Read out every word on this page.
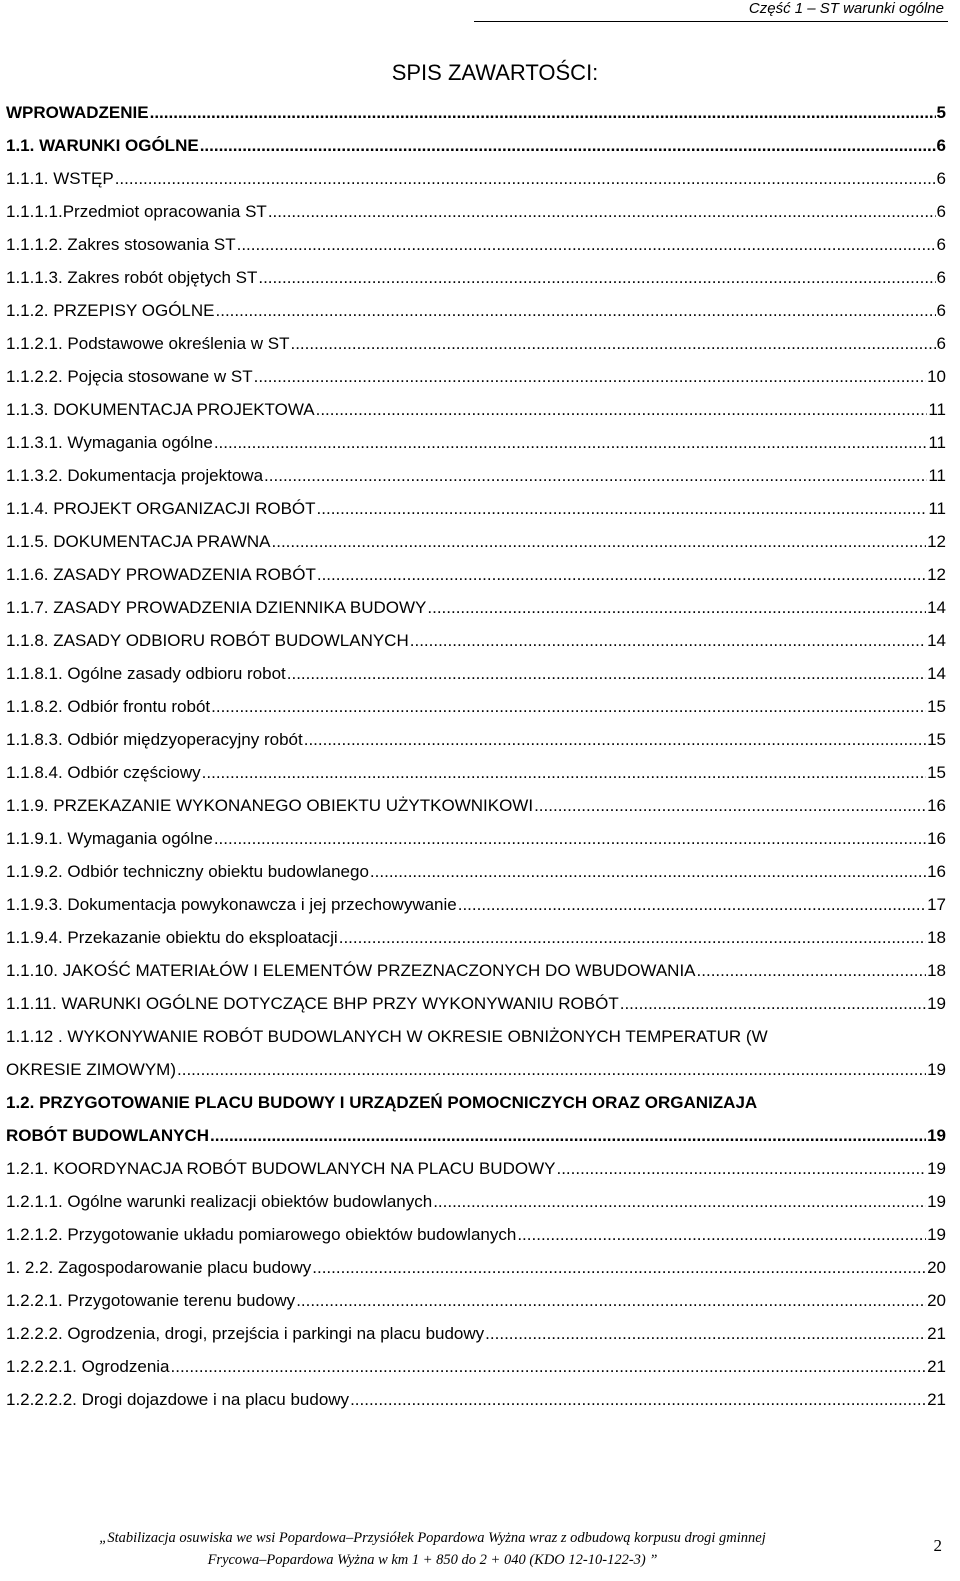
Część 1 – ST warunki ogólne
SPIS ZAWARTOŚCI:
WPROWADZENIE .....	5
1.1. WARUNKI OGÓLNE .....	6
1.1.1. WSTĘP .....	6
1.1.1.1.Przedmiot opracowania ST .....	6
1.1.1.2. Zakres stosowania ST .....	6
1.1.1.3. Zakres robót objętych ST .....	6
1.1.2. PRZEPISY OGÓLNE .....	6
1.1.2.1. Podstawowe określenia w ST .....	6
1.1.2.2. Pojęcia stosowane w ST .....	10
1.1.3. DOKUMENTACJA PROJEKTOWA .....	11
1.1.3.1. Wymagania ogólne .....	11
1.1.3.2. Dokumentacja projektowa .....	11
1.1.4. PROJEKT ORGANIZACJI ROBÓT .....	11
1.1.5. DOKUMENTACJA PRAWNA .....	12
1.1.6. ZASADY PROWADZENIA ROBÓT .....	12
1.1.7. ZASADY PROWADZENIA DZIENNIKA BUDOWY .....	14
1.1.8. ZASADY ODBIORU ROBÓT BUDOWLANYCH .....	14
1.1.8.1. Ogólne zasady odbioru robot .....	14
1.1.8.2. Odbiór frontu robót .....	15
1.1.8.3. Odbiór międzyoperacyjny robót .....	15
1.1.8.4. Odbiór częściowy .....	15
1.1.9. PRZEKAZANIE WYKONANEGO OBIEKTU UŻYTKOWNIKOWI .....	16
1.1.9.1. Wymagania ogólne .....	16
1.1.9.2. Odbiór techniczny obiektu budowlanego .....	16
1.1.9.3. Dokumentacja powykonawcza i jej przechowywanie .....	17
1.1.9.4. Przekazanie obiektu do eksploatacji .....	18
1.1.10. JAKOŚĆ MATERIAŁÓW I ELEMENTÓW PRZEZNACZONYCH DO WBUDOWANIA .....	18
1.1.11. WARUNKI OGÓLNE DOTYCZĄCE BHP PRZY WYKONYWANIU ROBÓT .....	19
1.1.12 . WYKONYWANIE ROBÓT BUDOWLANYCH W OKRESIE OBNIŻONYCH TEMPERATUR (W
OKRESIE ZIMOWYM) .....	19
1.2. PRZYGOTOWANIE PLACU BUDOWY I URZĄDZEŃ POMOCNICZYCH ORAZ ORGANIZAJA
ROBÓT BUDOWLANYCH .....	19
1.2.1. KOORDYNACJA ROBÓT BUDOWLANYCH NA PLACU BUDOWY .....	19
1.2.1.1. Ogólne warunki realizacji obiektów budowlanych .....	19
1.2.1.2. Przygotowanie układu pomiarowego obiektów budowlanych .....	19
1. 2.2. Zagospodarowanie placu budowy .....	20
1.2.2.1. Przygotowanie terenu budowy .....	20
1.2.2.2. Ogrodzenia, drogi, przejścia i parkingi na placu budowy .....	21
1.2.2.2.1. Ogrodzenia .....	21
1.2.2.2.2. Drogi dojazdowe i na placu budowy .....	21
„Stabilizacja osuwiska we wsi Popardowa–Przysiółek Popardowa Wyżna wraz z odbudową korpusu drogi gminnej
Frycowa–Popardowa Wyżna w km 1 + 850 do 2 + 040 (KDO 12-10-122-3) ”
2
